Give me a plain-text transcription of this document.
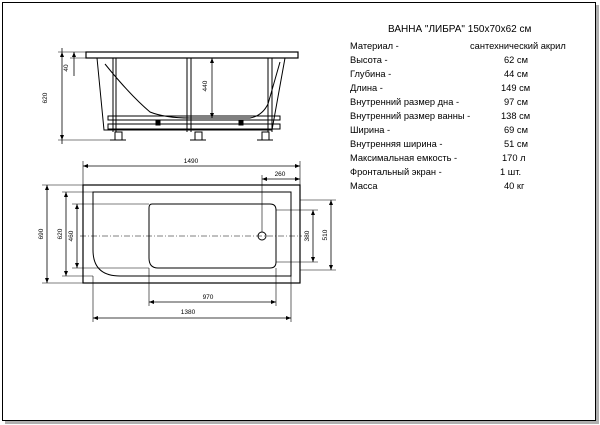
620
40
440
1490
260
690 620 460	380 510
970
1380
ВАННА "ЛИБРА" 150x70x62 см
Материал -	сантехнический акрил
Высота -	62 см
Глубина -	44 см
Длина -	149 см
Внутренний размер дна -	97 см
Внутренний размер ванны -	138 см
Ширина -	69 см
Внутренняя ширина -	51 см
Максимальная емкость -	170 л
Фронтальный экран -	1 шт.
Масса	40 кг
